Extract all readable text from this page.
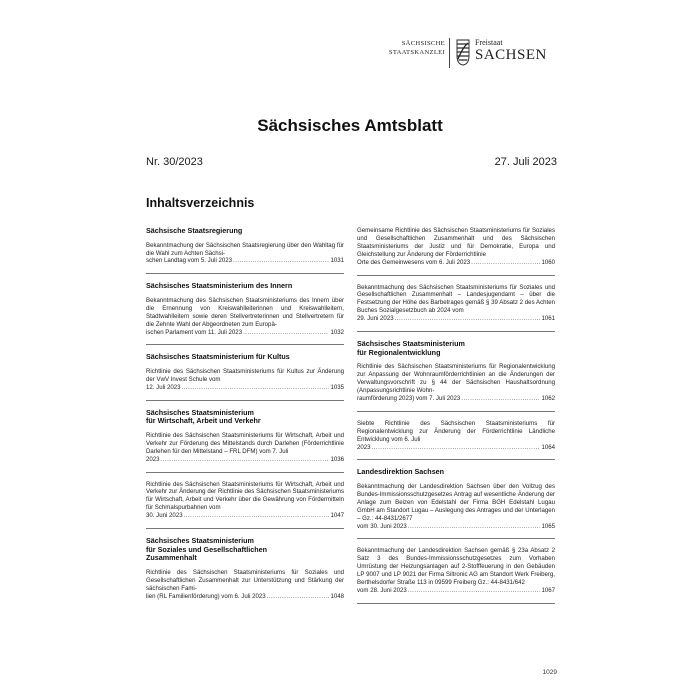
SÄCHSISCHE
STAATSKANZLEI
Freistaat
SACHSEN
Sächsisches Amtsblatt
Nr. 30/2023	27. Juli 2023
Inhaltsverzeichnis
Sächsische Staatsregierung
Bekanntmachung der Sächsischen Staatsregierung über den Wahltag für die Wahl zum Achten Sächsi-
schen Landtag vom 5. Juli 2023 . . .	1031
Sächsisches Staatsministerium des Innern
Bekanntmachung des Sächsischen Staatsministeriums des Innern über die Ernennung von Kreiswahlleiterinnen und Kreiswahlleitern, Stadtwahlleitern sowie deren Stellvertreterinnen und Stellvertretern für die Zehnte Wahl der Abgeordneten zum Europä-
ischen Parlament vom 11. Juli 2023 . . .	1032
Sächsisches Staatsministerium für Kultus
Richtlinie des Sächsischen Staatsministeriums für Kultus zur Änderung der VwV Invest Schule vom
12. Juli 2023 . . .	1035
Sächsisches Staatsministerium
für Wirtschaft, Arbeit und Verkehr
Richtlinie des Sächsischen Staatsministeriums für Wirtschaft, Arbeit und Verkehr zur Förderung des Mittelstands durch Darlehen (Förderrichtlinie Darlehen für den Mittelstand – FRL DFM) vom 7. Juli
2023 . . .	1036
Richtlinie des Sächsischen Staatsministeriums für Wirtschaft, Arbeit und Verkehr zur Änderung der Richtlinie des Sächsischen Staatsministeriums für Wirtschaft, Arbeit und Verkehr über die Gewährung von Fördermitteln für Schmalspurbahnen vom
30. Juni 2023 . . .	1047
Sächsisches Staatsministerium
für Soziales und Gesellschaftlichen
Zusammenhalt
Richtlinie des Sächsischen Staatsministeriums für Soziales und Gesellschaftlichen Zusammenhalt zur Unterstützung und Stärkung der sächsischen Fami-
lien (RL Familienförderung) vom 6. Juli 2023 . . .	1048
Gemeinsame Richtlinie des Sächsischen Staatsministeriums für Soziales und Gesellschaftlichen Zusammenhalt und des Sächsischen Staatsministeriums der Justiz und für Demokratie, Europa und Gleichstellung zur Änderung der Förderrichtlinie
Orte des Gemeinwesens vom 6. Juli 2023 . . .	1060
Bekanntmachung des Sächsischen Staatsministeriums für Soziales und Gesellschaftlichen Zusammenhalt – Landesjugendamt – über die Festsetzung der Höhe des Barbetrages gemäß § 39 Absatz 2 des Achten Buches Sozialgesetzbuch ab 2024 vom
29. Juni 2023 . . .	1061
Sächsisches Staatsministerium
für Regionalentwicklung
Richtlinie des Sächsischen Staatsministeriums für Regionalentwicklung zur Anpassung der Wohnraumförderrichtlinien an die Änderungen der Verwaltungsvorschrift zu § 44 der Sächsischen Haushaltsordnung (Anpassungsrichtlinie Wohn-
raumförderung 2023) vom 7. Juli 2023 . . .	1062
Siebte Richtlinie des Sächsischen Staatsministeriums für Regionalentwicklung zur Änderung der Förderrichtlinie Ländliche Entwicklung vom 6. Juli
2023 . . .	1064
Landesdirektion Sachsen
Bekanntmachung der Landesdirektion Sachsen über den Vollzug des Bundes-Immissionsschutzgesetzes Antrag auf wesentliche Änderung der Anlage zum Beizen von Edelstahl der Firma BGH Edelstahl Lugau GmbH am Standort Lugau – Auslegung des Antrages und der Unterlagen – Gz.: 44-8431/2677
vom 30. Juni 2023 . . .	1065
Bekanntmachung der Landesdirektion Sachsen gemäß § 23a Absatz 2 Satz 3 des Bundes-Immissionsschutzgesetzes zum Vorhaben Umrüstung der Heizungsanlagen auf 2-Stofffeuerung in den Gebäuden LP 9007 und LP 9021 der Firma Siltronic AG am Standort Werk Freiberg, Berthelsdorfer Straße 113 in 09599 Freiberg Gz.: 44-8431/642
vom 28. Juni 2023 . . .	1067
1029
